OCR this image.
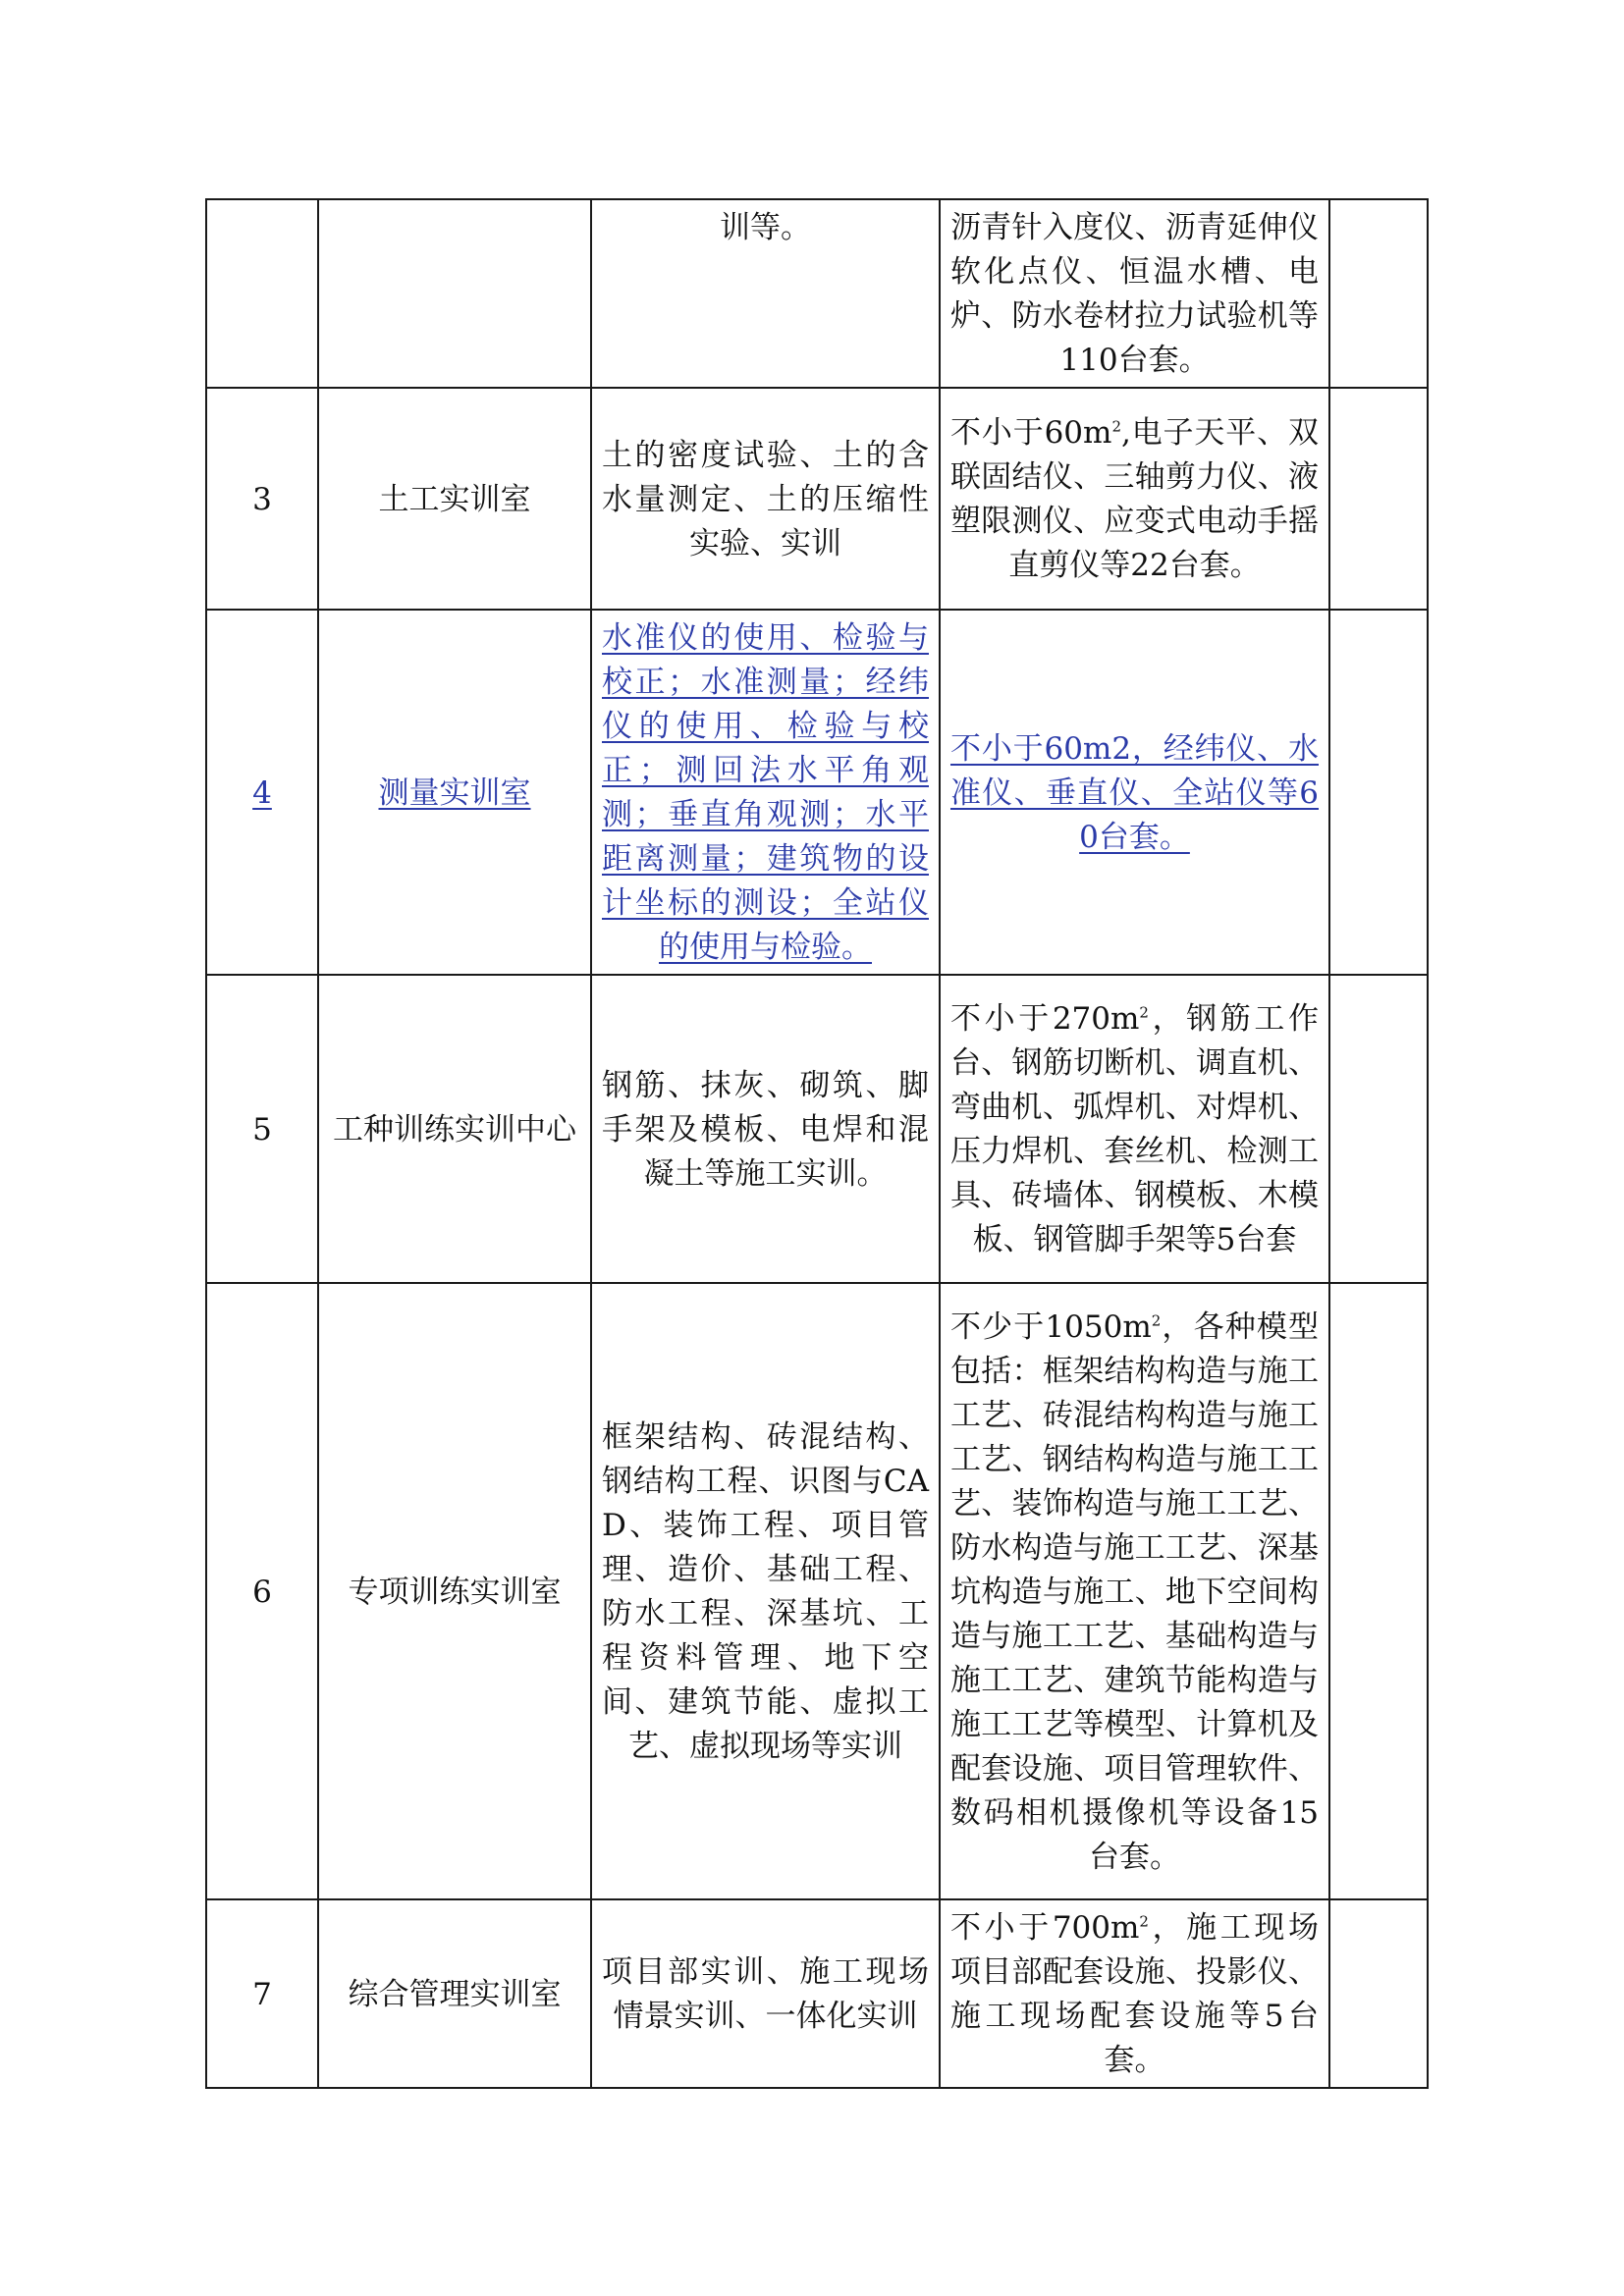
		训等。	沥青针入度仪、沥青延伸仪软化点仪、恒温水槽、电炉、防水卷材拉力试验机等110台套。	
3	土工实训室	土的密度试验、土的含水量测定、土的压缩性实验、实训	不小于$60m^2$,电子天平、双联固结仪、三轴剪力仪、液塑限测仪、应变式电动手摇直剪仪等22台套。	
4	测量实训室	水准仪的使用、检验与校正；水准测量；经纬仪的使用、检验与校正；测回法水平角观测；垂直角观测；水平距离测量；建筑物的设计坐标的测设；全站仪的使用与检验。	不小于60m2，经纬仪、水准仪、垂直仪、全站仪等60台套。	
5	工种训练实训中心	钢筋、抹灰、砌筑、脚手架及模板、电焊和混凝土等施工实训。	不小于$270m^2$，钢筋工作台、钢筋切断机、调直机、弯曲机、弧焊机、对焊机、压力焊机、套丝机、检测工具、砖墙体、钢模板、木模板、钢管脚手架等5台套	
6	专项训练实训室	框架结构、砖混结构、钢结构工程、识图与CAD、装饰工程、项目管理、造价、基础工程、防水工程、深基坑、工程资料管理、地下空间、建筑节能、虚拟工艺、虚拟现场等实训	不少于$1050m^2$，各种模型包括：框架结构构造与施工工艺、砖混结构构造与施工工艺、钢结构构造与施工工艺、装饰构造与施工工艺、防水构造与施工工艺、深基坑构造与施工、地下空间构造与施工工艺、基础构造与施工工艺、建筑节能构造与施工工艺等模型、计算机及配套设施、项目管理软件、数码相机摄像机等设备15台套。	
7	综合管理实训室	项目部实训、施工现场情景实训、一体化实训	不小于$700m^2$，施工现场项目部配套设施、投影仪、施工现场配套设施等5台套。	
